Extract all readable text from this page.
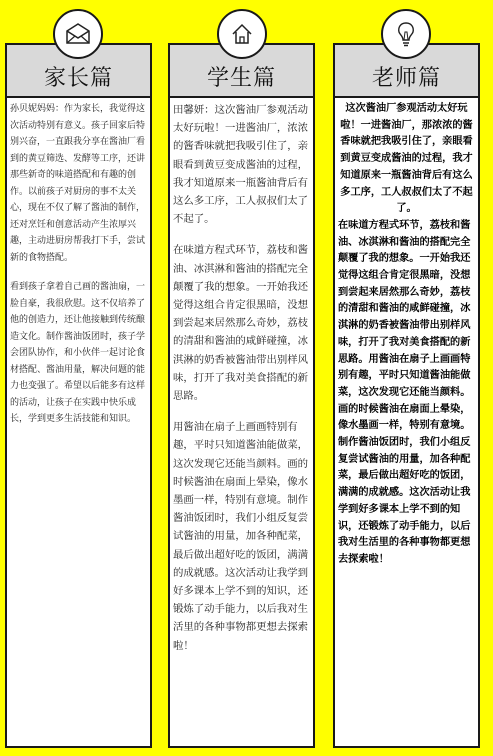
家长篇

孙贝妮妈妈：作为家长，我觉得这次活动特别有意义。孩子回家后特别兴奋，一直跟我分享在酱油厂看到的黄豆筛选、发酵等工序，还讲那些新奇的味道搭配和有趣的创作。以前孩子对厨房的事不太关心，现在不仅了解了酱油的制作，还对烹饪和创意活动产生浓厚兴趣，主动进厨房帮我打下手，尝试新的食物搭配。

看到孩子拿着自己画的酱油扇，一脸自豪，我很欣慰。这不仅培养了他的创造力，还让他接触到传统酿造文化。制作酱油饭团时，孩子学会团队协作，和小伙伴一起讨论食材搭配、酱油用量，解决问题的能力也变强了。希望以后能多有这样的活动，让孩子在实践中快乐成长，学到更多生活技能和知识。

学生篇

田馨妍：这次酱油厂参观活动太好玩啦！一进酱油厂，浓浓的酱香味就把我吸引住了，亲眼看到黄豆变成酱油的过程，我才知道原来一瓶酱油背后有这么多工序，工人叔叔们太了不起了。

在味道方程式环节，荔枝和酱油、冰淇淋和酱油的搭配完全颠覆了我的想象。一开始我还觉得这组合肯定很黑暗，没想到尝起来居然那么奇妙，荔枝的清甜和酱油的咸鲜碰撞，冰淇淋的奶香被酱油带出别样风味，打开了我对美食搭配的新思路。

用酱油在扇子上画画特别有趣，平时只知道酱油能做菜，这次发现它还能当颜料。画的时候酱油在扇面上晕染，像水墨画一样，特别有意境。制作酱油饭团时，我们小组反复尝试酱油的用量，加各种配菜，最后做出超好吃的饭团，满满的成就感。这次活动让我学到好多课本上学不到的知识，还锻炼了动手能力，以后我对生活里的各种事物都更想去探索啦！

老师篇

这次酱油厂参观活动太好玩啦！一进酱油厂，那浓浓的酱香味就把我吸引住了，亲眼看到黄豆变成酱油的过程，我才知道原来一瓶酱油背后有这么多工序，工人叔叔们太了不起了。

在味道方程式环节，荔枝和酱油、冰淇淋和酱油的搭配完全颠覆了我的想象。一开始我还觉得这组合肯定很黑暗，没想到尝起来居然那么奇妙，荔枝的清甜和酱油的咸鲜碰撞，冰淇淋的奶香被酱油带出别样风味，打开了我对美食搭配的新思路。用酱油在扇子上画画特别有趣，平时只知道酱油能做菜，这次发现它还能当颜料。画的时候酱油在扇面上晕染，像水墨画一样，特别有意境。制作酱油饭团时，我们小组反复尝试酱油的用量，加各种配菜，最后做出超好吃的饭团，满满的成就感。这次活动让我学到好多课本上学不到的知识，还锻炼了动手能力，以后我对生活里的各种事物都更想去探索啦！
